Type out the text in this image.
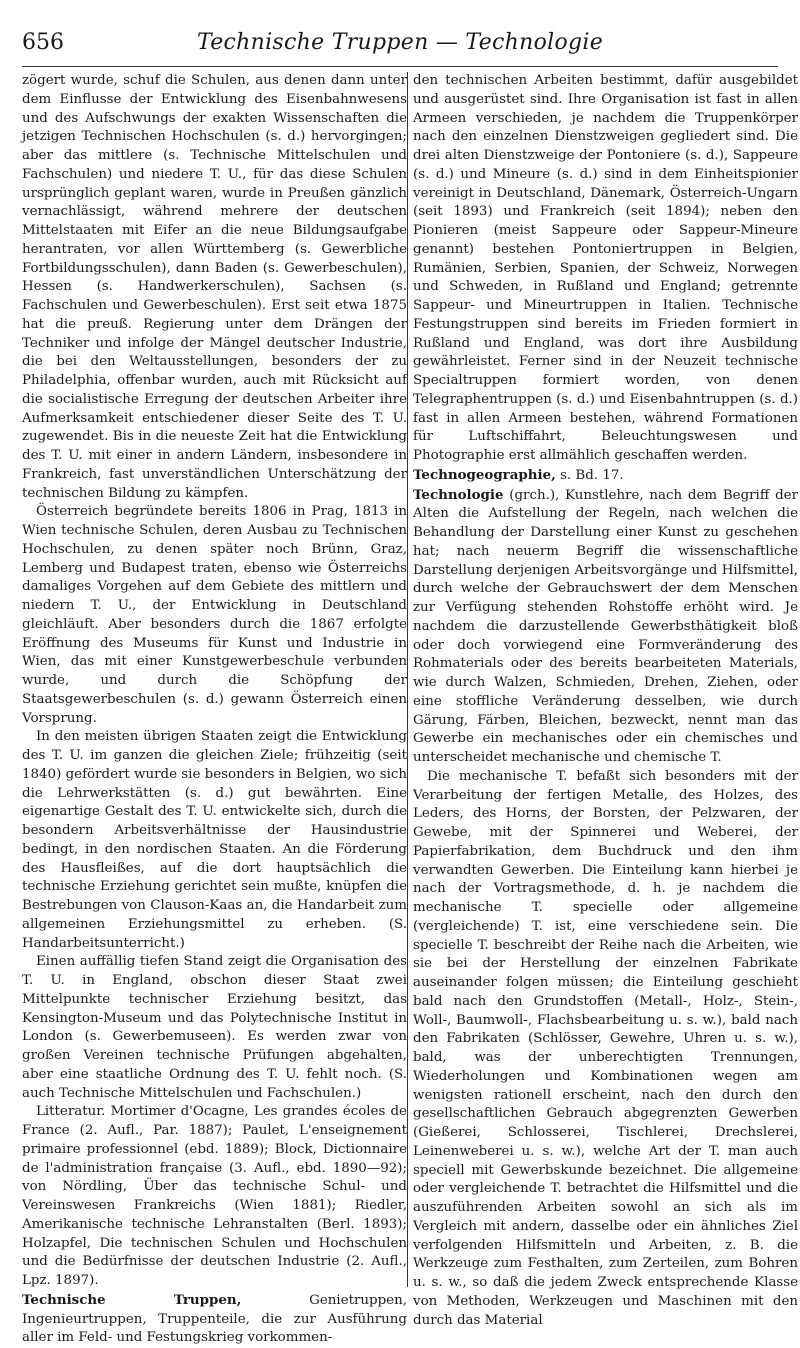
656	Technische Truppen — Technologie

zögert wurde, schuf die Schulen, aus denen dann unter dem Einflusse der Entwicklung des Eisenbahnwesens und des Aufschwungs der exakten Wissenschaften die jetzigen Technischen Hochschulen (s. d.) hervorgingen; aber das mittlere (s. Technische Mittelschulen und Fachschulen) und niedere T. U., für das diese Schulen ursprünglich geplant waren, wurde in Preußen gänzlich vernachlässigt, während mehrere der deutschen Mittelstaaten mit Eifer an die neue Bildungsaufgabe herantraten, vor allen Württemberg (s. Gewerbliche Fortbildungsschulen), dann Baden (s. Gewerbeschulen), Hessen (s. Handwerkerschulen), Sachsen (s. Fachschulen und Gewerbeschulen). Erst seit etwa 1875 hat die preuß. Regierung unter dem Drängen der Techniker und infolge der Mängel deutscher Industrie, die bei den Weltausstellungen, besonders der zu Philadelphia, offenbar wurden, auch mit Rücksicht auf die socialistische Erregung der deutschen Arbeiter ihre Aufmerksamkeit entschiedener dieser Seite des T. U. zugewendet. Bis in die neueste Zeit hat die Entwicklung des T. U. mit einer in andern Ländern, insbesondere in Frankreich, fast unverständlichen Unterschätzung der technischen Bildung zu kämpfen.

Österreich begründete bereits 1806 in Prag, 1813 in Wien technische Schulen, deren Ausbau zu Technischen Hochschulen, zu denen später noch Brünn, Graz, Lemberg und Budapest traten, ebenso wie Österreichs damaliges Vorgehen auf dem Gebiete des mittlern und niedern T. U., der Entwicklung in Deutschland gleichläuft. Aber besonders durch die 1867 erfolgte Eröffnung des Museums für Kunst und Industrie in Wien, das mit einer Kunstgewerbeschule verbunden wurde, und durch die Schöpfung der Staatsgewerbeschulen (s. d.) gewann Österreich einen Vorsprung.

In den meisten übrigen Staaten zeigt die Entwicklung des T. U. im ganzen die gleichen Ziele; frühzeitig (seit 1840) gefördert wurde sie besonders in Belgien, wo sich die Lehrwerkstätten (s. d.) gut bewährten. Eine eigenartige Gestalt des T. U. entwickelte sich, durch die besondern Arbeitsverhältnisse der Hausindustrie bedingt, in den nordischen Staaten. An die Förderung des Hausfleißes, auf die dort hauptsächlich die technische Erziehung gerichtet sein mußte, knüpfen die Bestrebungen von Clauson-Kaas an, die Handarbeit zum allgemeinen Erziehungsmittel zu erheben. (S. Handarbeitsunterricht.)

Einen auffällig tiefen Stand zeigt die Organisation des T. U. in England, obschon dieser Staat zwei Mittelpunkte technischer Erziehung besitzt, das Kensington-Museum und das Polytechnische Institut in London (s. Gewerbemuseen). Es werden zwar von großen Vereinen technische Prüfungen abgehalten, aber eine staatliche Ordnung des T. U. fehlt noch. (S. auch Technische Mittelschulen und Fachschulen.)

Litteratur. Mortimer d'Ocagne, Les grandes écoles de France (2. Aufl., Par. 1887); Paulet, L'enseignement primaire professionnel (ebd. 1889); Block, Dictionnaire de l'administration française (3. Aufl., ebd. 1890—92); von Nördling, Über das technische Schul- und Vereinswesen Frankreichs (Wien 1881); Riedler, Amerikanische technische Lehranstalten (Berl. 1893); Holzapfel, Die technischen Schulen und Hochschulen und die Bedürfnisse der deutschen Industrie (2. Aufl., Lpz. 1897).

Technische Truppen, Genietruppen, Ingenieurtruppen, Truppenteile, die zur Ausführung aller im Feld- und Festungskrieg vorkommen-

den technischen Arbeiten bestimmt, dafür ausgebildet und ausgerüstet sind. Ihre Organisation ist fast in allen Armeen verschieden, je nachdem die Truppenkörper nach den einzelnen Dienstzweigen gegliedert sind. Die drei alten Dienstzweige der Pontoniere (s. d.), Sappeure (s. d.) und Mineure (s. d.) sind in dem Einheitspionier vereinigt in Deutschland, Dänemark, Österreich-Ungarn (seit 1893) und Frankreich (seit 1894); neben den Pionieren (meist Sappeure oder Sappeur-Mineure genannt) bestehen Pontoniertruppen in Belgien, Rumänien, Serbien, Spanien, der Schweiz, Norwegen und Schweden, in Rußland und England; getrennte Sappeur- und Mineurtruppen in Italien. Technische Festungstruppen sind bereits im Frieden formiert in Rußland und England, was dort ihre Ausbildung gewährleistet. Ferner sind in der Neuzeit technische Specialtruppen formiert worden, von denen Telegraphentruppen (s. d.) und Eisenbahntruppen (s. d.) fast in allen Armeen bestehen, während Formationen für Luftschiffahrt, Beleuchtungswesen und Photographie erst allmählich geschaffen werden.

Technogeographie, s. Bd. 17.

Technologie (grch.), Kunstlehre, nach dem Begriff der Alten die Aufstellung der Regeln, nach welchen die Behandlung der Darstellung einer Kunst zu geschehen hat; nach neuerm Begriff die wissenschaftliche Darstellung derjenigen Arbeitsvorgänge und Hilfsmittel, durch welche der Gebrauchswert der dem Menschen zur Verfügung stehenden Rohstoffe erhöht wird. Je nachdem die darzustellende Gewerbsthätigkeit bloß oder doch vorwiegend eine Formveränderung des Rohmaterials oder des bereits bearbeiteten Materials, wie durch Walzen, Schmieden, Drehen, Ziehen, oder eine stoffliche Veränderung desselben, wie durch Gärung, Färben, Bleichen, bezweckt, nennt man das Gewerbe ein mechanisches oder ein chemisches und unterscheidet mechanische und chemische T.

Die mechanische T. befaßt sich besonders mit der Verarbeitung der fertigen Metalle, des Holzes, des Leders, des Horns, der Borsten, der Pelzwaren, der Gewebe, mit der Spinnerei und Weberei, der Papierfabrikation, dem Buchdruck und den ihm verwandten Gewerben. Die Einteilung kann hierbei je nach der Vortragsmethode, d. h. je nachdem die mechanische T. specielle oder allgemeine (vergleichende) T. ist, eine verschiedene sein. Die specielle T. beschreibt der Reihe nach die Arbeiten, wie sie bei der Herstellung der einzelnen Fabrikate auseinander folgen müssen; die Einteilung geschieht bald nach den Grundstoffen (Metall-, Holz-, Stein-, Woll-, Baumwoll-, Flachsbearbeitung u. s. w.), bald nach den Fabrikaten (Schlösser, Gewehre, Uhren u. s. w.), bald, was der unberechtigten Trennungen, Wiederholungen und Kombinationen wegen am wenigsten rationell erscheint, nach den durch den gesellschaftlichen Gebrauch abgegrenzten Gewerben (Gießerei, Schlosserei, Tischlerei, Drechslerei, Leinenweberei u. s. w.), welche Art der T. man auch speciell mit Gewerbskunde bezeichnet. Die allgemeine oder vergleichende T. betrachtet die Hilfsmittel und die auszuführenden Arbeiten sowohl an sich als im Vergleich mit andern, dasselbe oder ein ähnliches Ziel verfolgenden Hilfsmitteln und Arbeiten, z. B. die Werkzeuge zum Festhalten, zum Zerteilen, zum Bohren u. s. w., so daß die jedem Zweck entsprechende Klasse von Methoden, Werkzeugen und Maschinen mit den durch das Material
